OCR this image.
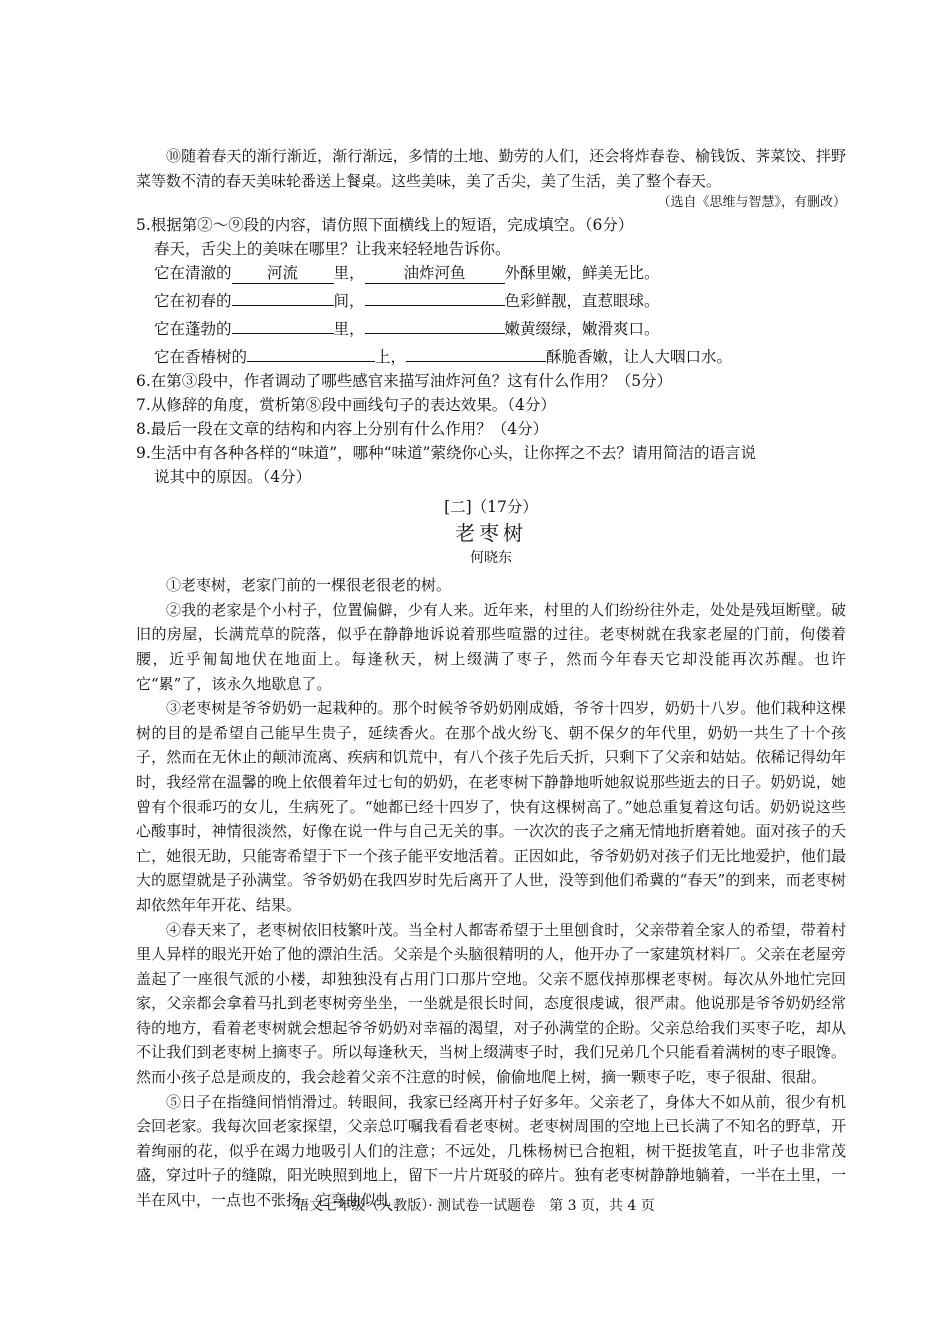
⑩随着春天的渐行渐近，渐行渐远，多情的土地、勤劳的人们，还会将炸春卷、榆钱饭、荠菜饺、拌野菜等数不清的春天美味轮番送上餐桌。这些美味，美了舌尖，美了生活，美了整个春天。

（选自《思维与智慧》，有删改）

5.根据第②～⑨段的内容，请仿照下面横线上的短语，完成填空。（6分）

春天，舌尖上的美味在哪里？让我来轻轻地告诉你。

它在清澈的 河流 里，	油炸河鱼	外酥里嫩，鲜美无比。

它在初春的	间，	色彩鲜靓，直惹眼球。

它在蓬勃的	里，	嫩黄缀绿，嫩滑爽口。

它在香椿树的	上，	酥脆香嫩，让人大咽口水。

6.在第③段中，作者调动了哪些感官来描写油炸河鱼？这有什么作用？（5分）

7.从修辞的角度，赏析第⑧段中画线句子的表达效果。（4分）

8.最后一段在文章的结构和内容上分别有什么作用？（4分）

9.生活中有各种各样的“味道”，哪种“味道”萦绕你心头，让你挥之不去？请用简洁的语言说
说其中的原因。（4分）

[二]（17分）

老枣树

何晓东

①老枣树，老家门前的一棵很老很老的树。

②我的老家是个小村子，位置偏僻，少有人来。近年来，村里的人们纷纷往外走，处处是残垣断壁。破旧的房屋，长满荒草的院落，似乎在静静地诉说着那些喧嚣的过往。老枣树就在我家老屋的门前，佝偻着腰，近乎匍匐地伏在地面上。每逢秋天，树上缀满了枣子，然而今年春天它却没能再次苏醒。也许它“累”了，该永久地歇息了。

③老枣树是爷爷奶奶一起栽种的。那个时候爷爷奶奶刚成婚，爷爷十四岁，奶奶十八岁。他们栽种这棵树的目的是希望自己能早生贵子，延续香火。在那个战火纷飞、朝不保夕的年代里，奶奶一共生了十个孩子，然而在无休止的颠沛流离、疾病和饥荒中，有八个孩子先后夭折，只剩下了父亲和姑姑。依稀记得幼年时，我经常在温馨的晚上依偎着年过七旬的奶奶，在老枣树下静静地听她叙说那些逝去的日子。奶奶说，她曾有个很乖巧的女儿，生病死了。“她都已经十四岁了，快有这棵树高了。”她总重复着这句话。奶奶说这些心酸事时，神情很淡然，好像在说一件与自己无关的事。一次次的丧子之痛无情地折磨着她。面对孩子的夭亡，她很无助，只能寄希望于下一个孩子能平安地活着。正因如此，爷爷奶奶对孩子们无比地爱护，他们最大的愿望就是子孙满堂。爷爷奶奶在我四岁时先后离开了人世，没等到他们希冀的“春天”的到来，而老枣树却依然年年开花、结果。

④春天来了，老枣树依旧枝繁叶茂。当全村人都寄希望于土里刨食时，父亲带着全家人的希望，带着村里人异样的眼光开始了他的漂泊生活。父亲是个头脑很精明的人，他开办了一家建筑材料厂。父亲在老屋旁盖起了一座很气派的小楼，却独独没有占用门口那片空地。父亲不愿伐掉那棵老枣树。每次从外地忙完回家，父亲都会拿着马扎到老枣树旁坐坐，一坐就是很长时间，态度很虔诚，很严肃。他说那是爷爷奶奶经常待的地方，看着老枣树就会想起爷爷奶奶对幸福的渴望，对子孙满堂的企盼。父亲总给我们买枣子吃，却从不让我们到老枣树上摘枣子。所以每逢秋天，当树上缀满枣子时，我们兄弟几个只能看着满树的枣子眼馋。然而小孩子总是顽皮的，我会趁着父亲不注意的时候，偷偷地爬上树，摘一颗枣子吃，枣子很甜、很甜。

⑤日子在指缝间悄悄滑过。转眼间，我家已经离开村子好多年。父亲老了，身体大不如从前，很少有机会回老家。我每次回老家探望，父亲总叮嘱我看看老枣树。老枣树周围的空地上已长满了不知名的野草，开着绚丽的花，似乎在竭力地吸引人们的注意；不远处，几株杨树已合抱粗，树干挺拔笔直，叶子也非常茂盛，穿过叶子的缝隙，阳光映照到地上，留下一片片斑驳的碎片。独有老枣树静静地躺着，一半在土里，一半在风中，一点也不张扬。它弯曲似虬

语文七年级（人教版）· 测试卷一试题卷　第 3 页，共 4 页
